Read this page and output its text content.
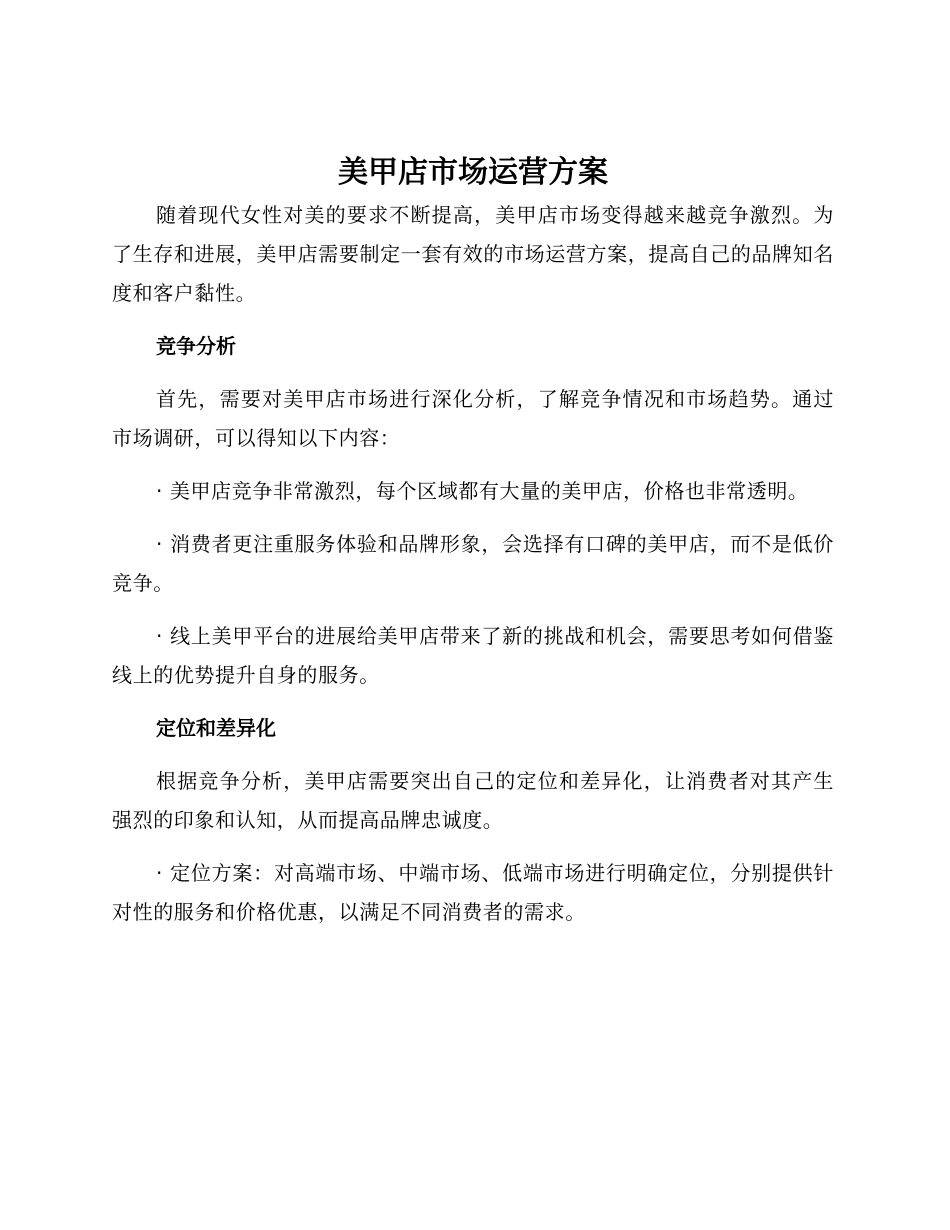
美甲店市场运营方案

随着现代女性对美的要求不断提高，美甲店市场变得越来越竞争激烈。为了生存和进展，美甲店需要制定一套有效的市场运营方案，提高自己的品牌知名度和客户黏性。

竞争分析

首先，需要对美甲店市场进行深化分析，了解竞争情况和市场趋势。通过市场调研，可以得知以下内容：

· 美甲店竞争非常激烈，每个区域都有大量的美甲店，价格也非常透明。

· 消费者更注重服务体验和品牌形象，会选择有口碑的美甲店，而不是低价竞争。

· 线上美甲平台的进展给美甲店带来了新的挑战和机会，需要思考如何借鉴线上的优势提升自身的服务。

定位和差异化

根据竞争分析，美甲店需要突出自己的定位和差异化，让消费者对其产生强烈的印象和认知，从而提高品牌忠诚度。

· 定位方案：对高端市场、中端市场、低端市场进行明确定位，分别提供针对性的服务和价格优惠，以满足不同消费者的需求。
